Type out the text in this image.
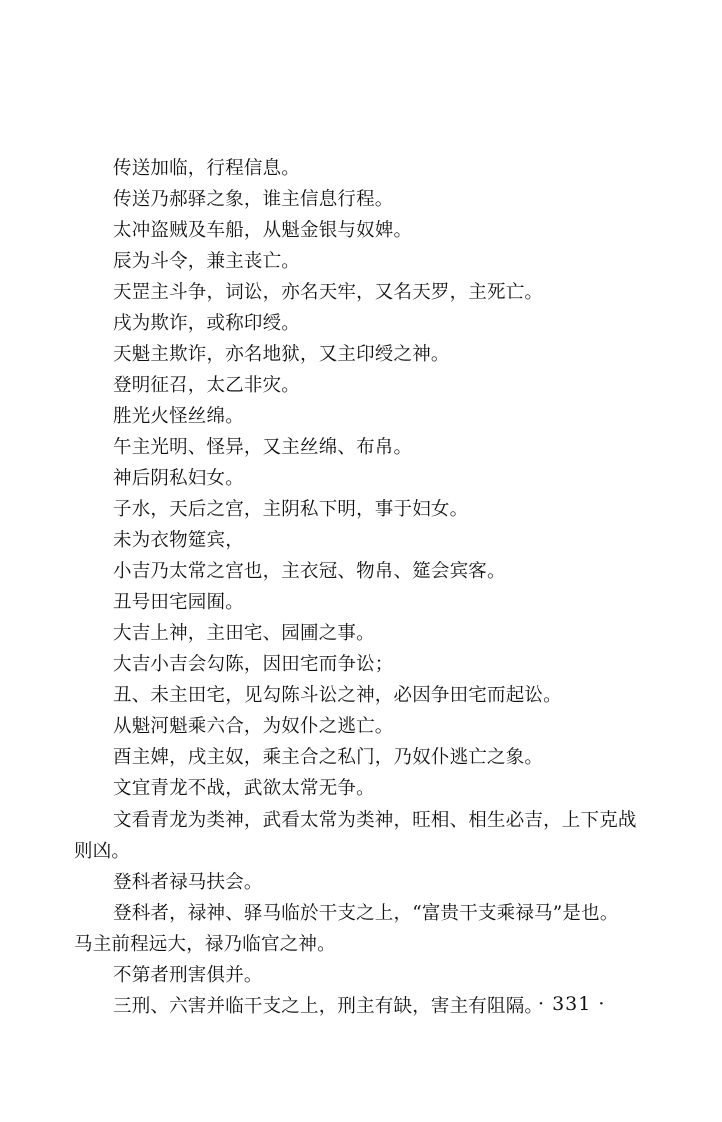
传送加临，行程信息。
传送乃郝驿之象，谁主信息行程。
太冲盗贼及车船，从魁金银与奴婢。
辰为斗令，兼主丧亡。
天罡主斗争，词讼，亦名天牢，又名天罗，主死亡。
戌为欺诈，或称印绶。
天魁主欺诈，亦名地狱，又主印绶之神。
登明征召，太乙非灾。
胜光火怪丝绵。
午主光明、怪异，又主丝绵、布帛。
神后阴私妇女。
子水，天后之宫，主阴私下明，事于妇女。
未为衣物筵宾，
小吉乃太常之宫也，主衣冠、物帛、筵会宾客。
丑号田宅园囿。
大吉上神，主田宅、园圃之事。
大吉小吉会勾陈，因田宅而争讼；
丑、未主田宅，见勾陈斗讼之神，必因争田宅而起讼。
从魁河魁乘六合，为奴仆之逃亡。
酉主婢，戌主奴，乘主合之私门，乃奴仆逃亡之象。
文宜青龙不战，武欲太常无争。
文看青龙为类神，武看太常为类神，旺相、相生必吉，上下克战
则凶。
登科者禄马扶会。
登科者，禄神、驿马临於干支之上，“富贵干支乘禄马”是也。
马主前程远大，禄乃临官之神。
不第者刑害俱并。
三刑、六害并临干支之上，刑主有缺，害主有阻隔。
· 331 ·
